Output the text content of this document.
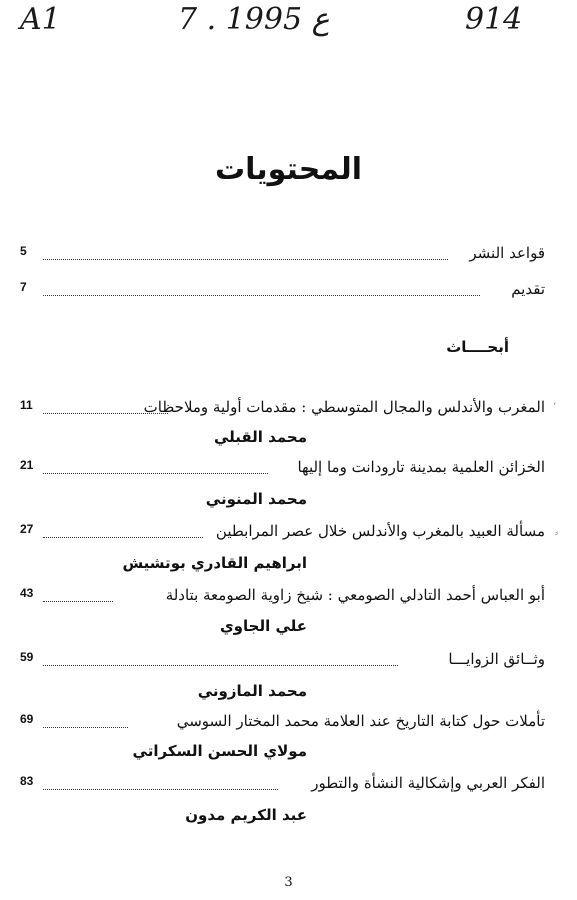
A1	7 . ع 1995	914
المحتويات
قواعد النشر
5
تقديم
7
أبحــــاث
المغرب والأندلس والمجال المتوسطي : مقدمات أولية وملاحظات
11
محمد القبلي
الخزائن العلمية بمدينة تارودانت وما إليها
21
محمد المنوني
مسألة العبيد بالمغرب والأندلس خلال عصر المرابطين
27
ابراهيم القادري بوتشيش
أبو العباس أحمد التادلي الصومعي : شيخ زاوية الصومعة بتادلة
43
علي الجاوي
وثــائق الزوايـــا
59
محمد المازوني
تأملات حول كتابة التاريخ عند العلامة محمد المختار السوسي
69
مولاي الحسن السكراتي
الفكر العربي وإشكالية النشأة والتطور
83
عبد الكريم مدون
3
٬
⸗
